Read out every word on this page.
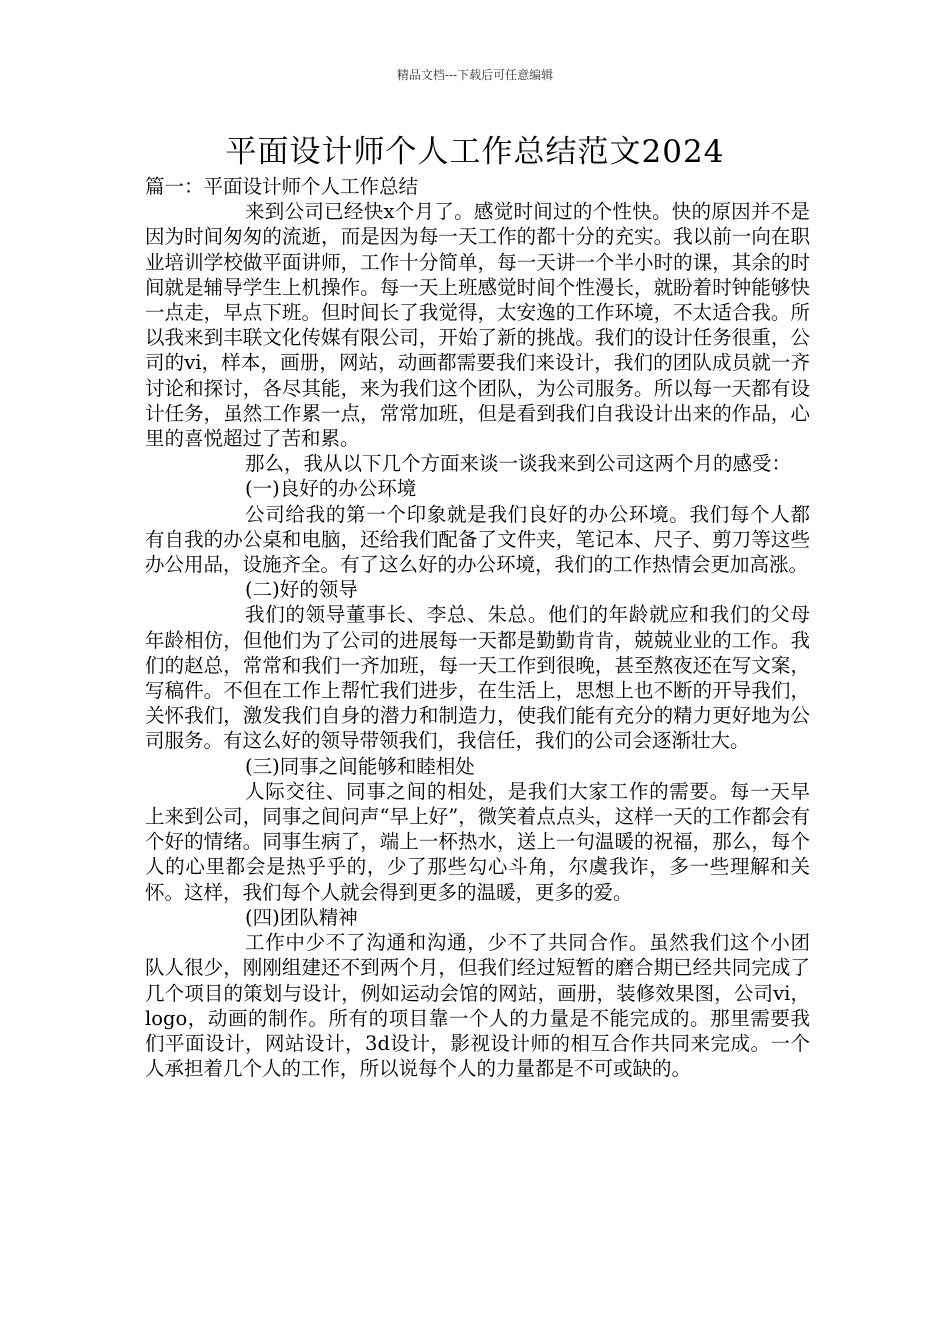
精品文档---下载后可任意编辑
平面设计师个人工作总结范文2024

篇一：平面设计师个人工作总结

来到公司已经快x个月了。感觉时间过的个性快。快的原因并不是因为时间匆匆的流逝，而是因为每一天工作的都十分的充实。我以前一向在职业培训学校做平面讲师，工作十分简单，每一天讲一个半小时的课，其余的时间就是辅导学生上机操作。每一天上班感觉时间个性漫长，就盼着时钟能够快一点走，早点下班。但时间长了我觉得，太安逸的工作环境，不太适合我。所以我来到丰联文化传媒有限公司，开始了新的挑战。我们的设计任务很重，公司的vi，样本，画册，网站，动画都需要我们来设计，我们的团队成员就一齐讨论和探讨，各尽其能，来为我们这个团队，为公司服务。所以每一天都有设计任务，虽然工作累一点，常常加班，但是看到我们自我设计出来的作品，心里的喜悦超过了苦和累。

那么，我从以下几个方面来谈一谈我来到公司这两个月的感受：

(一)良好的办公环境

公司给我的第一个印象就是我们良好的办公环境。我们每个人都有自我的办公桌和电脑，还给我们配备了文件夹，笔记本、尺子、剪刀等这些办公用品，设施齐全。有了这么好的办公环境，我们的工作热情会更加高涨。

(二)好的领导

我们的领导董事长、李总、朱总。他们的年龄就应和我们的父母年龄相仿，但他们为了公司的进展每一天都是勤勤肯肯，兢兢业业的工作。我们的赵总，常常和我们一齐加班，每一天工作到很晚，甚至熬夜还在写文案，写稿件。不但在工作上帮忙我们进步，在生活上，思想上也不断的开导我们，关怀我们，激发我们自身的潜力和制造力，使我们能有充分的精力更好地为公司服务。有这么好的领导带领我们，我信任，我们的公司会逐渐壮大。

(三)同事之间能够和睦相处

人际交往、同事之间的相处，是我们大家工作的需要。每一天早上来到公司，同事之间问声“早上好”，微笑着点点头，这样一天的工作都会有个好的情绪。同事生病了，端上一杯热水，送上一句温暖的祝福，那么，每个人的心里都会是热乎乎的，少了那些勾心斗角，尔虞我诈，多一些理解和关怀。这样，我们每个人就会得到更多的温暖，更多的爱。

(四)团队精神

工作中少不了沟通和沟通，少不了共同合作。虽然我们这个小团队人很少，刚刚组建还不到两个月，但我们经过短暂的磨合期已经共同完成了几个项目的策划与设计，例如运动会馆的网站，画册，装修效果图，公司vi，logo，动画的制作。所有的项目靠一个人的力量是不能完成的。那里需要我们平面设计，网站设计，3d设计，影视设计师的相互合作共同来完成。一个人承担着几个人的工作，所以说每个人的力量都是不可或缺的。
